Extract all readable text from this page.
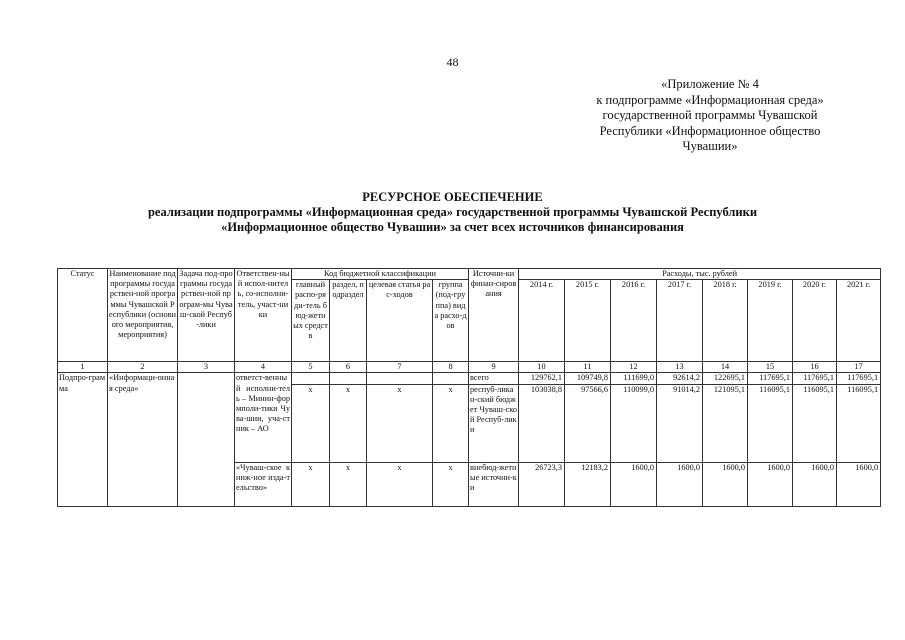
48
«Приложение № 4
к подпрограмме «Информационная среда»
государственной программы Чувашской
Республики «Информационное общество
Чувашии»
РЕСУРСНОЕ ОБЕСПЕЧЕНИЕ
реализации подпрограммы «Информационная среда» государственной программы Чувашской Республики
«Информационное общество Чувашии» за счет всех источников финансирования
Статус	Наименование подпрограммы государствен-ной программы Чувашской Республики (основного мероприятия, мероприятия)	Задача под-программы государствен-ной програм-мы Чуваш-ской Респуб-лики	Ответствен-ный испол-нитель, со-исполни-тель, участ-ники	Код бюджетной классификации				Источни-ки финан-сирования	Расходы, тыс. рублей							
				главный распо-ряди-тель бюд-жетных средств	раздел, подраздел	целевая статья рас-ходов	группа (под-группа) вида расхо-дов		2014 г.	2015 г.	2016 г.	2017 г.	2018 г.	2019 г.	2020 г.	2021 г.
1	2	3	4	5	6	7	8	9	10	11	12	13	14	15	16	17
Подпро-грамма	«Информаци-онная среда»		ответст-венный исполни-тель – Минин-формполи-тики Чува-шии, уча-стник – АО					всего	129762,1	109749,8	111699,0	92614,2	122695,1	117695,1	117695,1	117695,1
				x	x	x	x	респуб-ликан-ский бюджет Чуваш-ской Респуб-лики	103038,8	97566,6	110099,0	91014,2	121095,1	116095,1	116095,1	116095,1
			«Чуваш-ское книж-ное изда-тельство»	x	x	x	x	внебюд-жетные источни-ки	26723,3	12183,2	1600,0	1600,0	1600,0	1600,0	1600,0	1600,0
